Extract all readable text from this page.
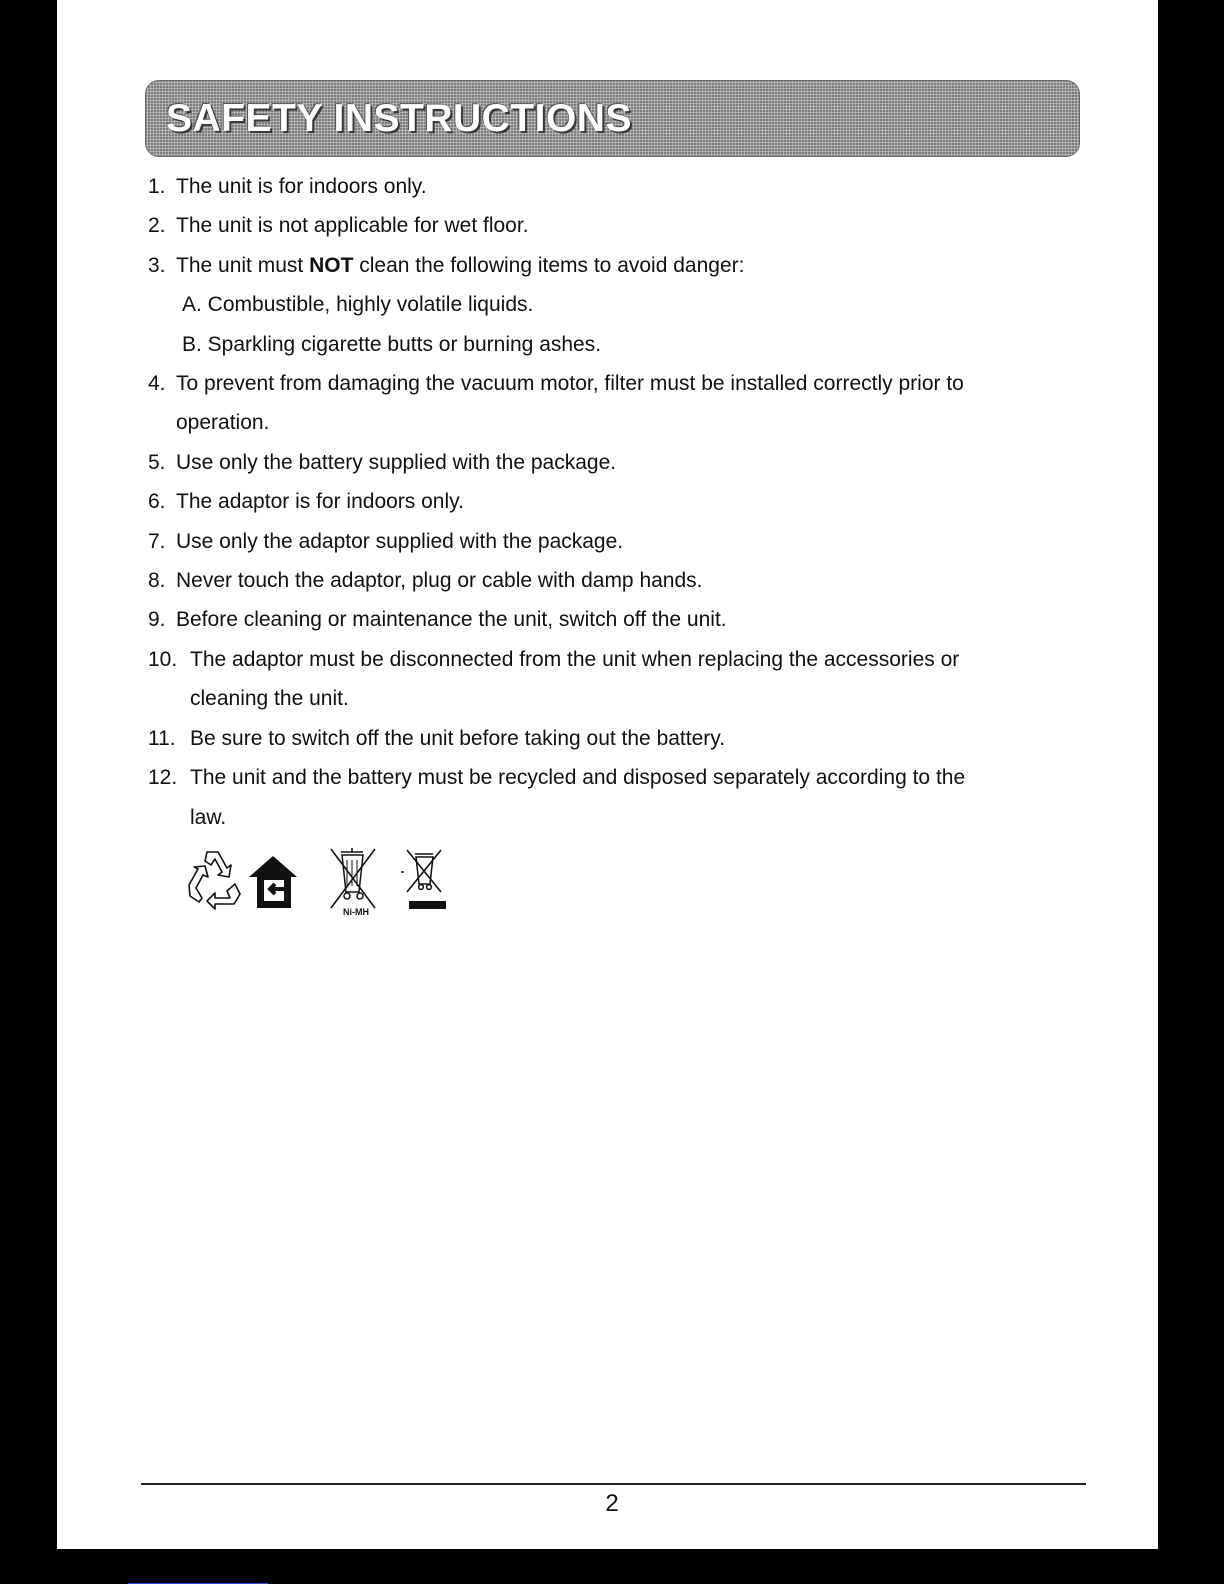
SAFETY INSTRUCTIONS
1. The unit is for indoors only.
2. The unit is not applicable for wet floor.
3. The unit must NOT clean the following items to avoid danger:
A. Combustible, highly volatile liquids.
B. Sparkling cigarette butts or burning ashes.
4. To prevent from damaging the vacuum motor, filter must be installed correctly prior to
operation.
5. Use only the battery supplied with the package.
6. The adaptor is for indoors only.
7. Use only the adaptor supplied with the package.
8. Never touch the adaptor, plug or cable with damp hands.
9. Before cleaning or maintenance the unit, switch off the unit.
10. The adaptor must be disconnected from the unit when replacing the accessories or
cleaning the unit.
11. Be sure to switch off the unit before taking out the battery.
12. The unit and the battery must be recycled and disposed separately according to the
law.
Ni-MH
2
